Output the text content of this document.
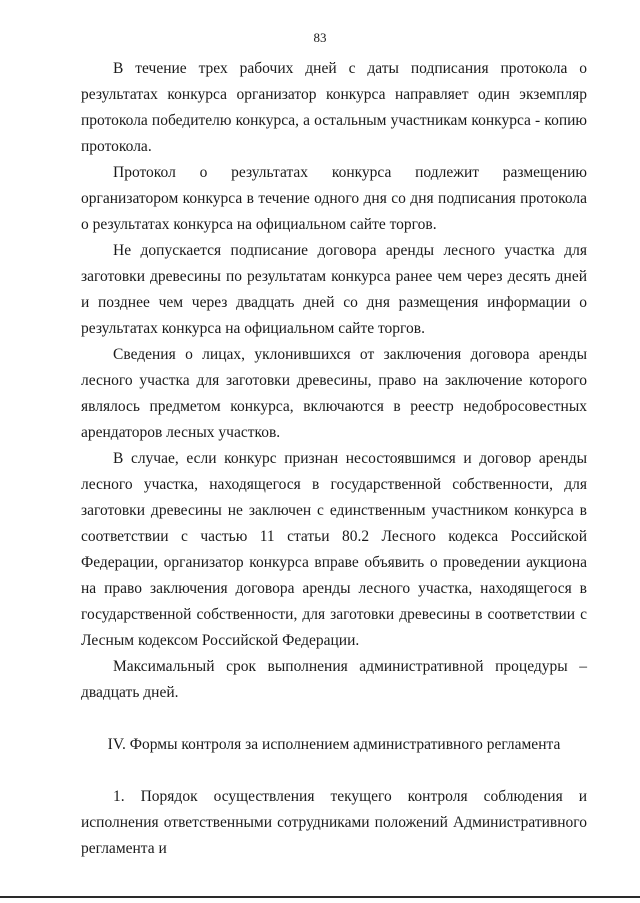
83

В течение трех рабочих дней с даты подписания протокола о результатах конкурса организатор конкурса направляет один экземпляр протокола победителю конкурса, а остальным участникам конкурса - копию протокола.

Протокол о результатах конкурса подлежит размещению организатором конкурса в течение одного дня со дня подписания протокола о результатах конкурса на официальном сайте торгов.

Не допускается подписание договора аренды лесного участка для заготовки древесины по результатам конкурса ранее чем через десять дней и позднее чем через двадцать дней со дня размещения информации о результатах конкурса на официальном сайте торгов.

Сведения о лицах, уклонившихся от заключения договора аренды лесного участка для заготовки древесины, право на заключение которого являлось предметом конкурса, включаются в реестр недобросовестных арендаторов лесных участков.

В случае, если конкурс признан несостоявшимся и договор аренды лесного участка, находящегося в государственной собственности, для заготовки древесины не заключен с единственным участником конкурса в соответствии с частью 11 статьи 80.2 Лесного кодекса Российской Федерации, организатор конкурса вправе объявить о проведении аукциона на право заключения договора аренды лесного участка, находящегося в государственной собственности, для заготовки древесины в соответствии с Лесным кодексом Российской Федерации.

Максимальный срок выполнения административной процедуры – двадцать дней.

IV. Формы контроля за исполнением административного регламента

1. Порядок осуществления текущего контроля соблюдения и исполнения ответственными сотрудниками положений Административного регламента и
